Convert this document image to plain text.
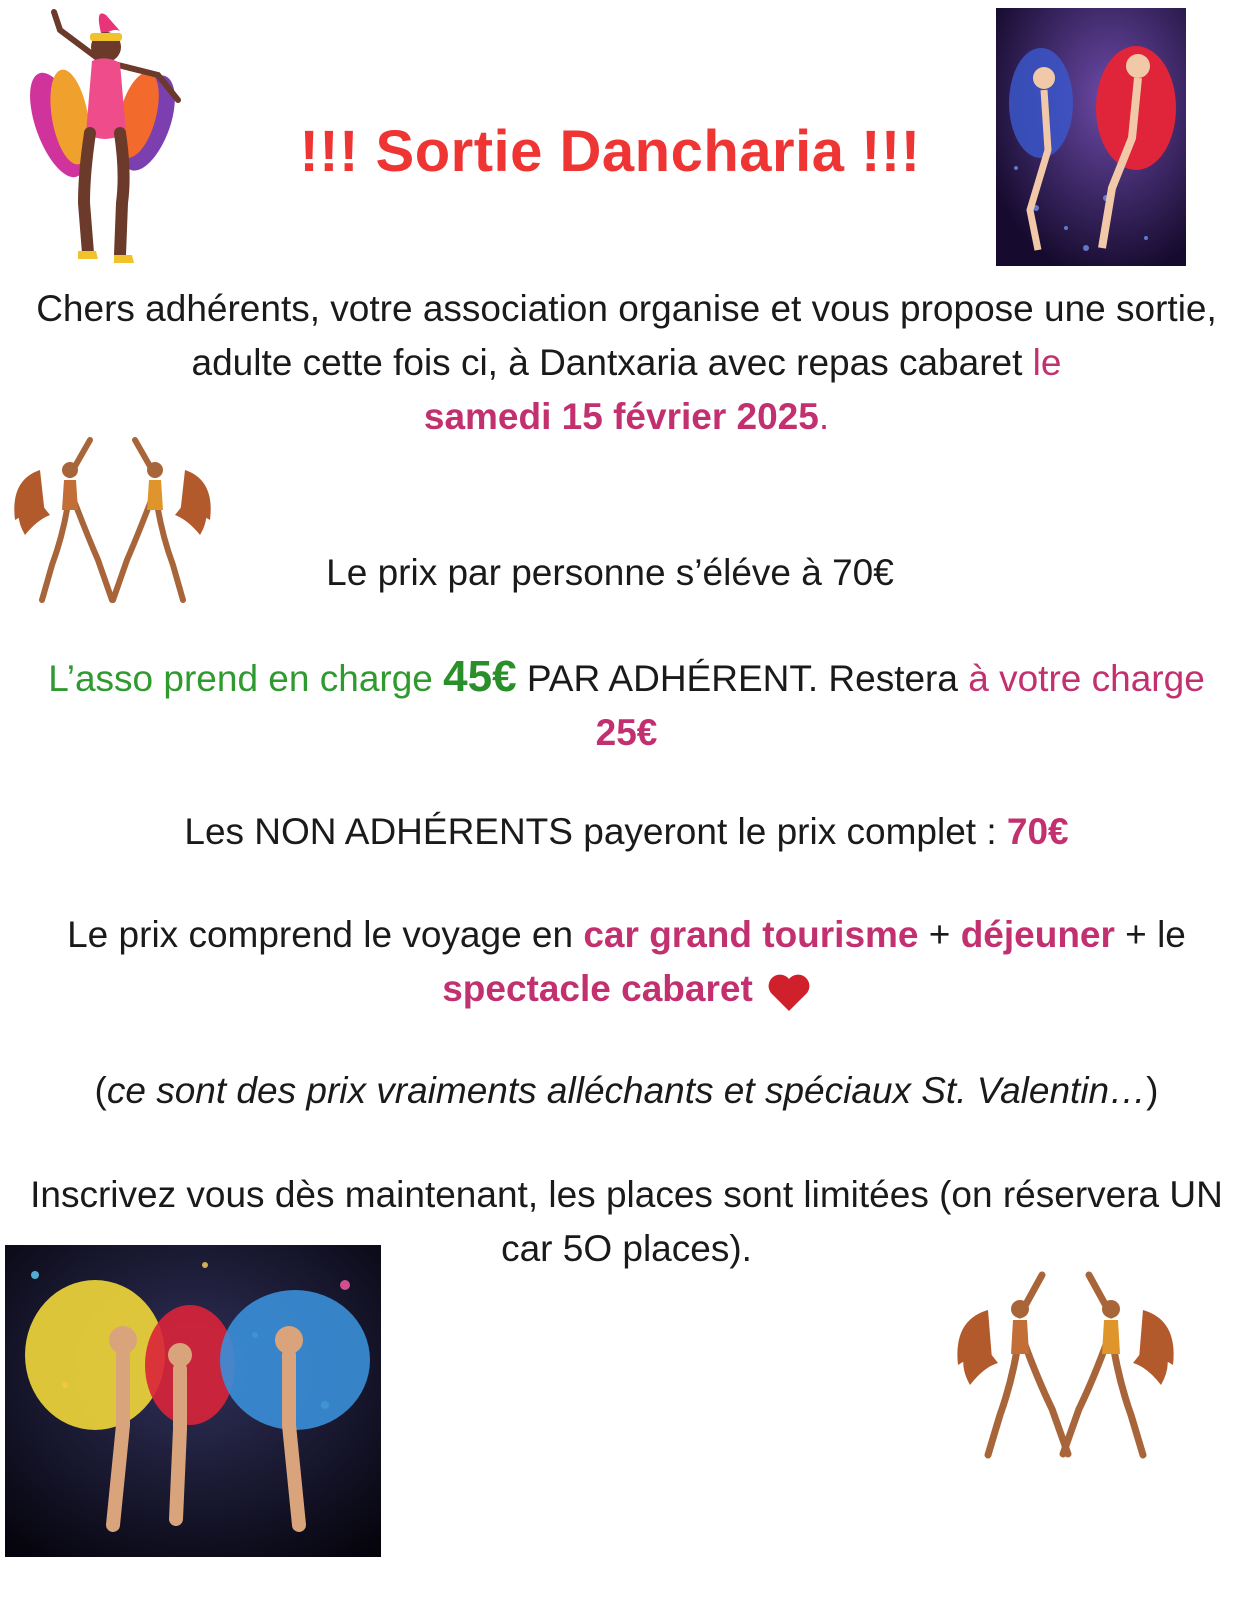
!!! Sortie Dancharia !!!

Chers adhérents, votre association organise et vous propose une sortie, adulte cette fois ci, à Dantxaria avec repas cabaret le
samedi 15 février 2025.

Le prix par personne s’éléve à 70€

L’asso prend en charge 45€ PAR ADHÉRENT. Restera à votre charge
25€

Les NON ADHÉRENTS payeront le prix complet : 70€

Le prix comprend le voyage en car grand tourisme + déjeuner + le
spectacle cabaret

(ce sont des prix vraiments alléchants et spéciaux St. Valentin…)

Inscrivez vous dès maintenant, les places sont limitées (on réservera UN car 5O places).
